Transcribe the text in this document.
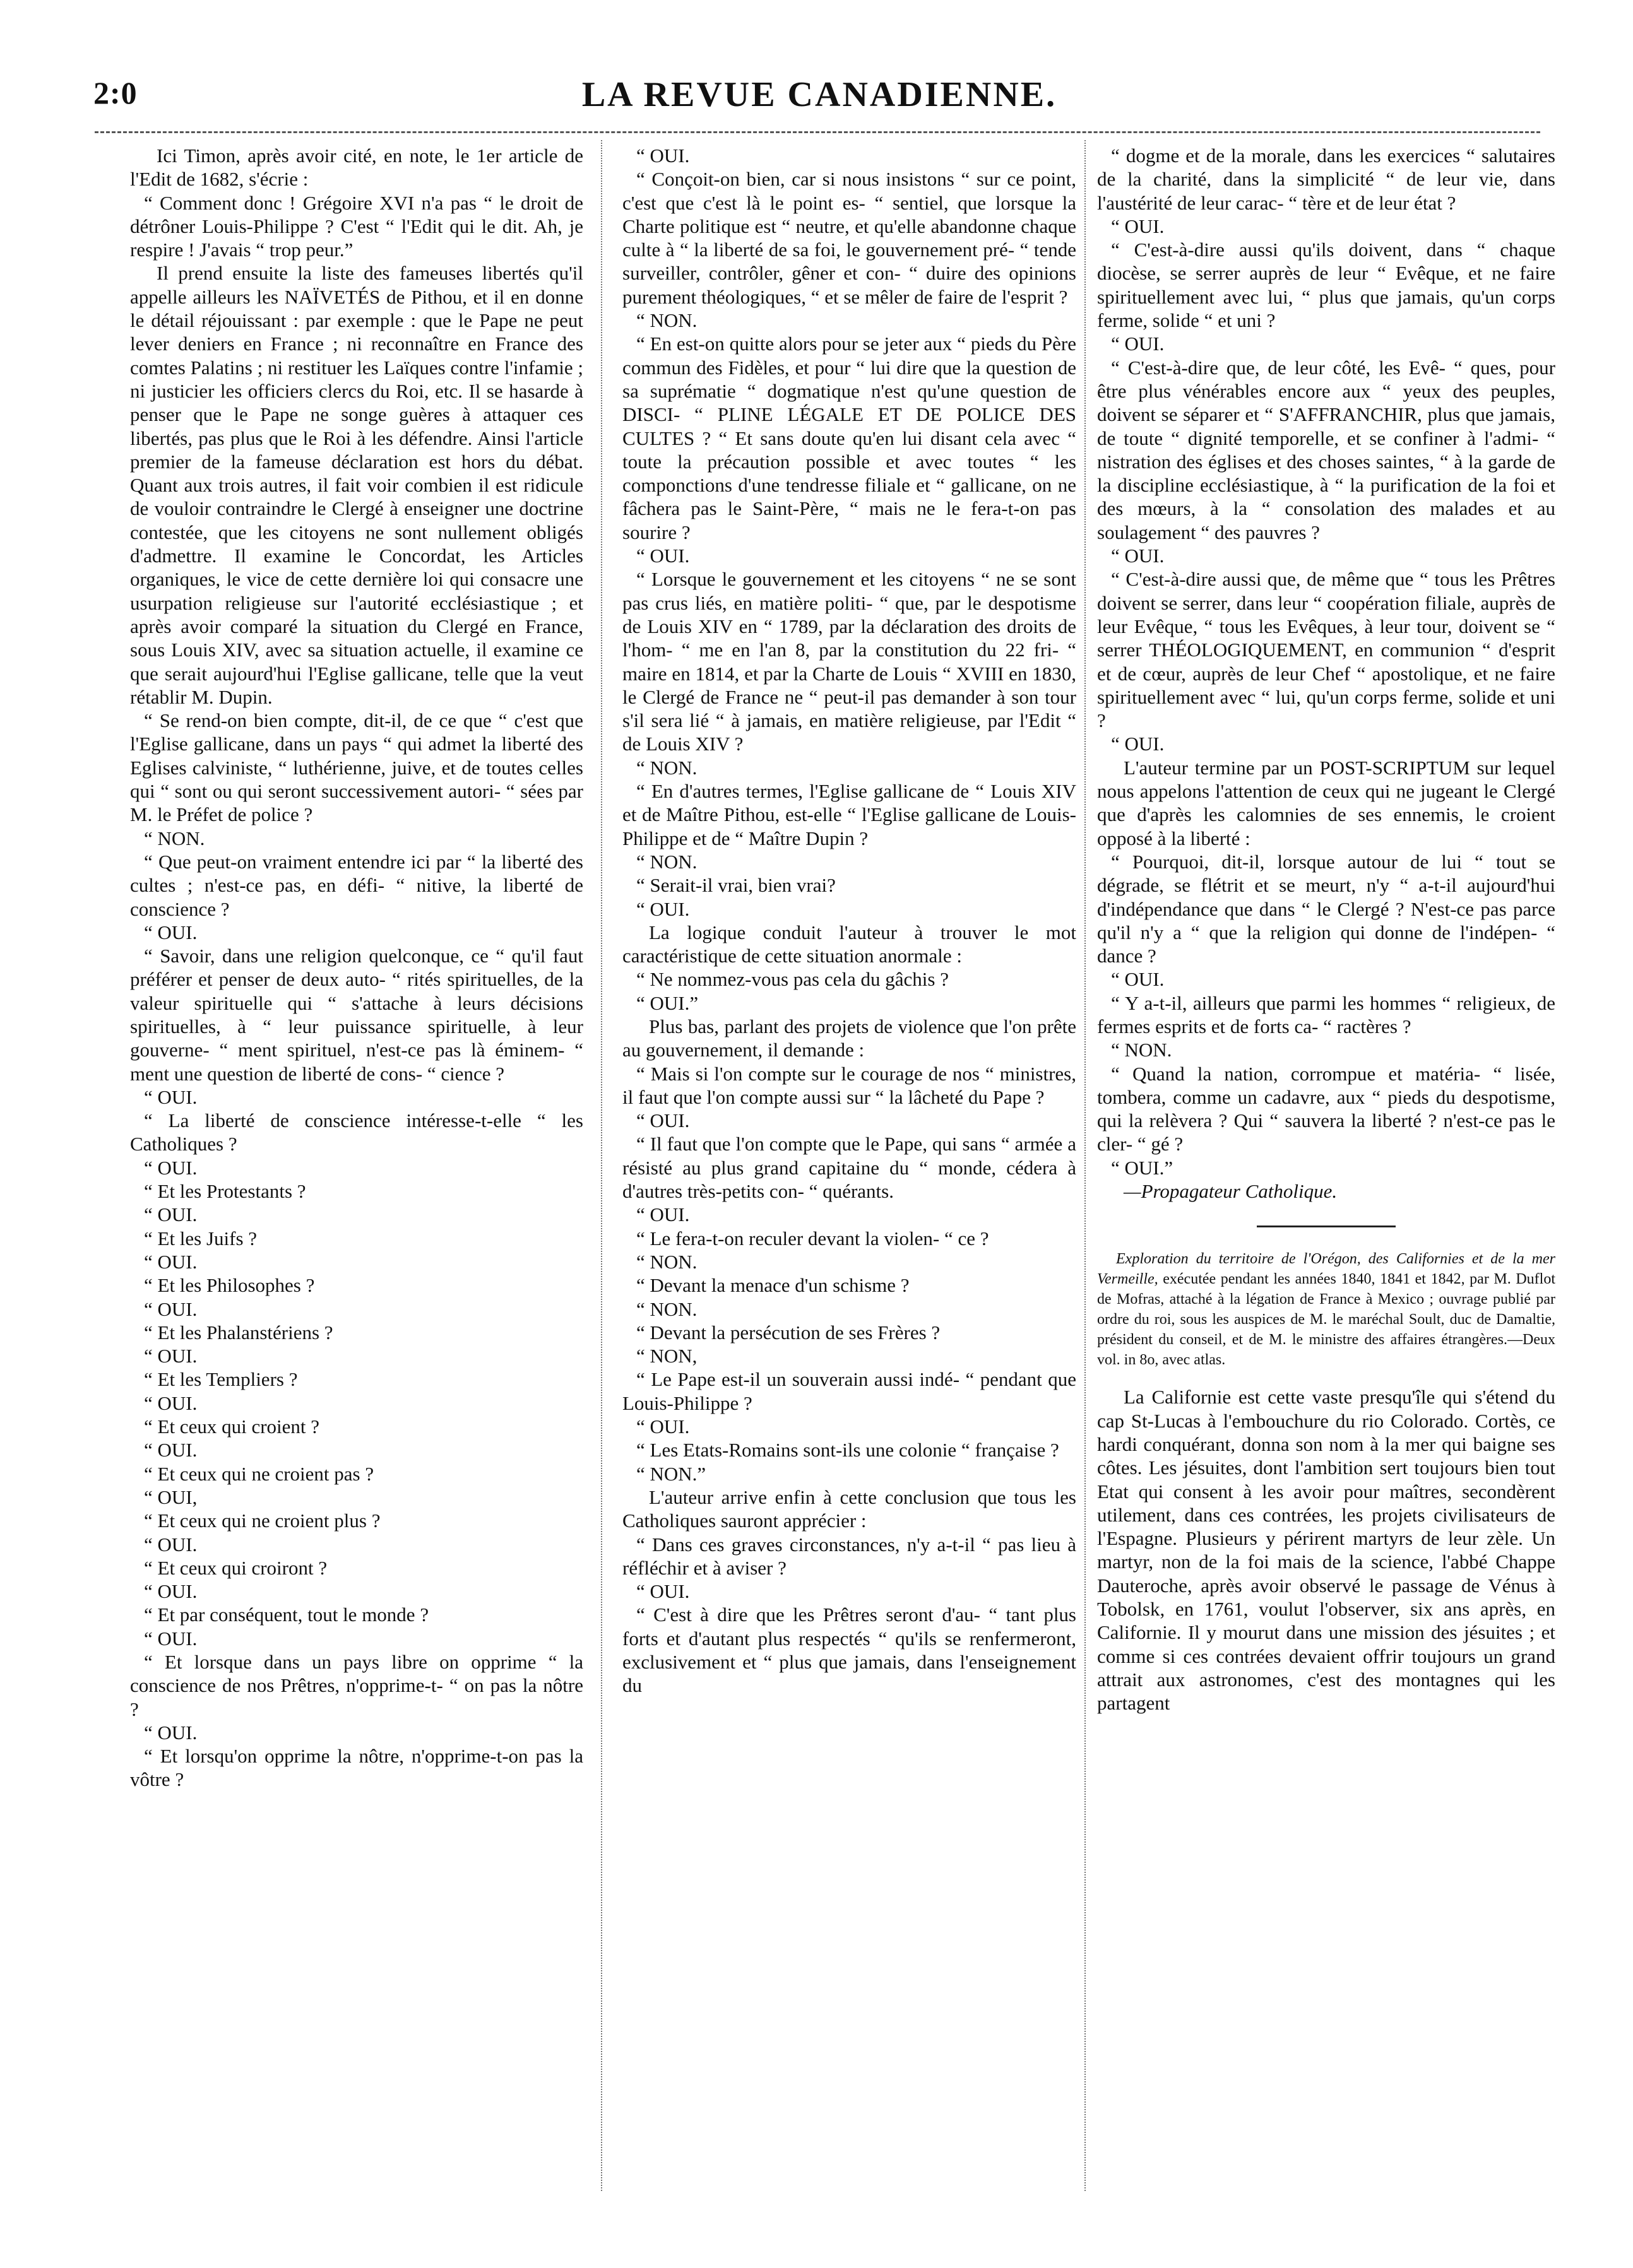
2:0	LA REVUE CANADIENNE.

Ici Timon, après avoir cité, en note, le 1er article de l'Edit de 1682, s'écrie :

“ Comment donc ! Grégoire XVI n'a pas “ le droit de détrôner Louis-Philippe ? C'est “ l'Edit qui le dit. Ah, je respire ! J'avais “ trop peur.”

Il prend ensuite la liste des fameuses libertés qu'il appelle ailleurs les NAÏVETÉS de Pithou, et il en donne le détail réjouissant : par exemple : que le Pape ne peut lever deniers en France ; ni reconnaître en France des comtes Palatins ; ni restituer les Laïques contre l'infamie ; ni justicier les officiers clercs du Roi, etc. Il se hasarde à penser que le Pape ne songe guères à attaquer ces libertés, pas plus que le Roi à les défendre. Ainsi l'article premier de la fameuse déclaration est hors du débat. Quant aux trois autres, il fait voir combien il est ridicule de vouloir contraindre le Clergé à enseigner une doctrine contestée, que les citoyens ne sont nullement obligés d'admettre. Il examine le Concordat, les Articles organiques, le vice de cette dernière loi qui consacre une usurpation religieuse sur l'autorité ecclésiastique ; et après avoir comparé la situation du Clergé en France, sous Louis XIV, avec sa situation actuelle, il examine ce que serait aujourd'hui l'Eglise gallicane, telle que la veut rétablir M. Dupin.

“ Se rend-on bien compte, dit-il, de ce que “ c'est que l'Eglise gallicane, dans un pays “ qui admet la liberté des Eglises calviniste, “ luthérienne, juive, et de toutes celles qui “ sont ou qui seront successivement autori- “ sées par M. le Préfet de police ?

“ NON.

“ Que peut-on vraiment entendre ici par “ la liberté des cultes ; n'est-ce pas, en défi- “ nitive, la liberté de conscience ?

“ OUI.

“ Savoir, dans une religion quelconque, ce “ qu'il faut préférer et penser de deux auto- “ rités spirituelles, de la valeur spirituelle qui “ s'attache à leurs décisions spirituelles, à “ leur puissance spirituelle, à leur gouverne- “ ment spirituel, n'est-ce pas là éminem- “ ment une question de liberté de cons- “ cience ?

“ OUI.

“ La liberté de conscience intéresse-t-elle “ les Catholiques ?

“ OUI.

“ Et les Protestants ?

“ OUI.

“ Et les Juifs ?

“ OUI.

“ Et les Philosophes ?

“ OUI.

“ Et les Phalanstériens ?

“ OUI.

“ Et les Templiers ?

“ OUI.

“ Et ceux qui croient ?

“ OUI.

“ Et ceux qui ne croient pas ?

“ OUI,

“ Et ceux qui ne croient plus ?

“ OUI.

“ Et ceux qui croiront ?

“ OUI.

“ Et par conséquent, tout le monde ?

“ OUI.

“ Et lorsque dans un pays libre on opprime “ la conscience de nos Prêtres, n'opprime-t- “ on pas la nôtre ?

“ OUI.

“ Et lorsqu'on opprime la nôtre, n'opprime-t-on pas la vôtre ?

“ OUI.

“ Conçoit-on bien, car si nous insistons “ sur ce point, c'est que c'est là le point es- “ sentiel, que lorsque la Charte politique est “ neutre, et qu'elle abandonne chaque culte à “ la liberté de sa foi, le gouvernement pré- “ tende surveiller, contrôler, gêner et con- “ duire des opinions purement théologiques, “ et se mêler de faire de l'esprit ?

“ NON.

“ En est-on quitte alors pour se jeter aux “ pieds du Père commun des Fidèles, et pour “ lui dire que la question de sa suprématie “ dogmatique n'est qu'une question de DISCI- “ PLINE LÉGALE ET DE POLICE DES CULTES ? “ Et sans doute qu'en lui disant cela avec “ toute la précaution possible et avec toutes “ les componctions d'une tendresse filiale et “ gallicane, on ne fâchera pas le Saint-Père, “ mais ne le fera-t-on pas sourire ?

“ OUI.

“ Lorsque le gouvernement et les citoyens “ ne se sont pas crus liés, en matière politi- “ que, par le despotisme de Louis XIV en “ 1789, par la déclaration des droits de l'hom- “ me en l'an 8, par la constitution du 22 fri- “ maire en 1814, et par la Charte de Louis “ XVIII en 1830, le Clergé de France ne “ peut-il pas demander à son tour s'il sera lié “ à jamais, en matière religieuse, par l'Edit “ de Louis XIV ?

“ NON.

“ En d'autres termes, l'Eglise gallicane de “ Louis XIV et de Maître Pithou, est-elle “ l'Eglise gallicane de Louis-Philippe et de “ Maître Dupin ?

“ NON.

“ Serait-il vrai, bien vrai?

“ OUI.

La logique conduit l'auteur à trouver le mot caractéristique de cette situation anormale :

“ Ne nommez-vous pas cela du gâchis ?

“ OUI.”

Plus bas, parlant des projets de violence que l'on prête au gouvernement, il demande :

“ Mais si l'on compte sur le courage de nos “ ministres, il faut que l'on compte aussi sur “ la lâcheté du Pape ?

“ OUI.

“ Il faut que l'on compte que le Pape, qui sans “ armée a résisté au plus grand capitaine du “ monde, cédera à d'autres très-petits con- “ quérants.

“ OUI.

“ Le fera-t-on reculer devant la violen- “ ce ?

“ NON.

“ Devant la menace d'un schisme ?

“ NON.

“ Devant la persécution de ses Frères ?

“ NON,

“ Le Pape est-il un souverain aussi indé- “ pendant que Louis-Philippe ?

“ OUI.

“ Les Etats-Romains sont-ils une colonie “ française ?

“ NON.”

L'auteur arrive enfin à cette conclusion que tous les Catholiques sauront apprécier :

“ Dans ces graves circonstances, n'y a-t-il “ pas lieu à réfléchir et à aviser ?

“ OUI.

“ C'est à dire que les Prêtres seront d'au- “ tant plus forts et d'autant plus respectés “ qu'ils se renfermeront, exclusivement et “ plus que jamais, dans l'enseignement du

“ dogme et de la morale, dans les exercices “ salutaires de la charité, dans la simplicité “ de leur vie, dans l'austérité de leur carac- “ tère et de leur état ?

“ OUI.

“ C'est-à-dire aussi qu'ils doivent, dans “ chaque diocèse, se serrer auprès de leur “ Evêque, et ne faire spirituellement avec lui, “ plus que jamais, qu'un corps ferme, solide “ et uni ?

“ OUI.

“ C'est-à-dire que, de leur côté, les Evê- “ ques, pour être plus vénérables encore aux “ yeux des peuples, doivent se séparer et “ S'AFFRANCHIR, plus que jamais, de toute “ dignité temporelle, et se confiner à l'admi- “ nistration des églises et des choses saintes, “ à la garde de la discipline ecclésiastique, à “ la purification de la foi et des mœurs, à la “ consolation des malades et au soulagement “ des pauvres ?

“ OUI.

“ C'est-à-dire aussi que, de même que “ tous les Prêtres doivent se serrer, dans leur “ coopération filiale, auprès de leur Evêque, “ tous les Evêques, à leur tour, doivent se “ serrer THÉOLOGIQUEMENT, en communion “ d'esprit et de cœur, auprès de leur Chef “ apostolique, et ne faire spirituellement avec “ lui, qu'un corps ferme, solide et uni ?

“ OUI.

L'auteur termine par un POST-SCRIPTUM sur lequel nous appelons l'attention de ceux qui ne jugeant le Clergé que d'après les calomnies de ses ennemis, le croient opposé à la liberté :

“ Pourquoi, dit-il, lorsque autour de lui “ tout se dégrade, se flétrit et se meurt, n'y “ a-t-il aujourd'hui d'indépendance que dans “ le Clergé ? N'est-ce pas parce qu'il n'y a “ que la religion qui donne de l'indépen- “ dance ?

“ OUI.

“ Y a-t-il, ailleurs que parmi les hommes “ religieux, de fermes esprits et de forts ca- “ ractères ?

“ NON.

“ Quand la nation, corrompue et matéria- “ lisée, tombera, comme un cadavre, aux “ pieds du despotisme, qui la relèvera ? Qui “ sauvera la liberté ? n'est-ce pas le cler- “ gé ?

“ OUI.”

—Propagateur Catholique.

Exploration du territoire de l'Orégon, des Californies et de la mer Vermeille, exécutée pendant les années 1840, 1841 et 1842, par M. Duflot de Mofras, attaché à la légation de France à Mexico ; ouvrage publié par ordre du roi, sous les auspices de M. le maréchal Soult, duc de Damaltie, président du conseil, et de M. le ministre des affaires étrangères.—Deux vol. in 8o, avec atlas.

La Californie est cette vaste presqu'île qui s'étend du cap St-Lucas à l'embouchure du rio Colorado. Cortès, ce hardi conquérant, donna son nom à la mer qui baigne ses côtes. Les jésuites, dont l'ambition sert toujours bien tout Etat qui consent à les avoir pour maîtres, secondèrent utilement, dans ces contrées, les projets civilisateurs de l'Espagne. Plusieurs y périrent martyrs de leur zèle. Un martyr, non de la foi mais de la science, l'abbé Chappe Dauteroche, après avoir observé le passage de Vénus à Tobolsk, en 1761, voulut l'observer, six ans après, en Californie. Il y mourut dans une mission des jésuites ; et comme si ces contrées devaient offrir toujours un grand attrait aux astronomes, c'est des montagnes qui les partagent
